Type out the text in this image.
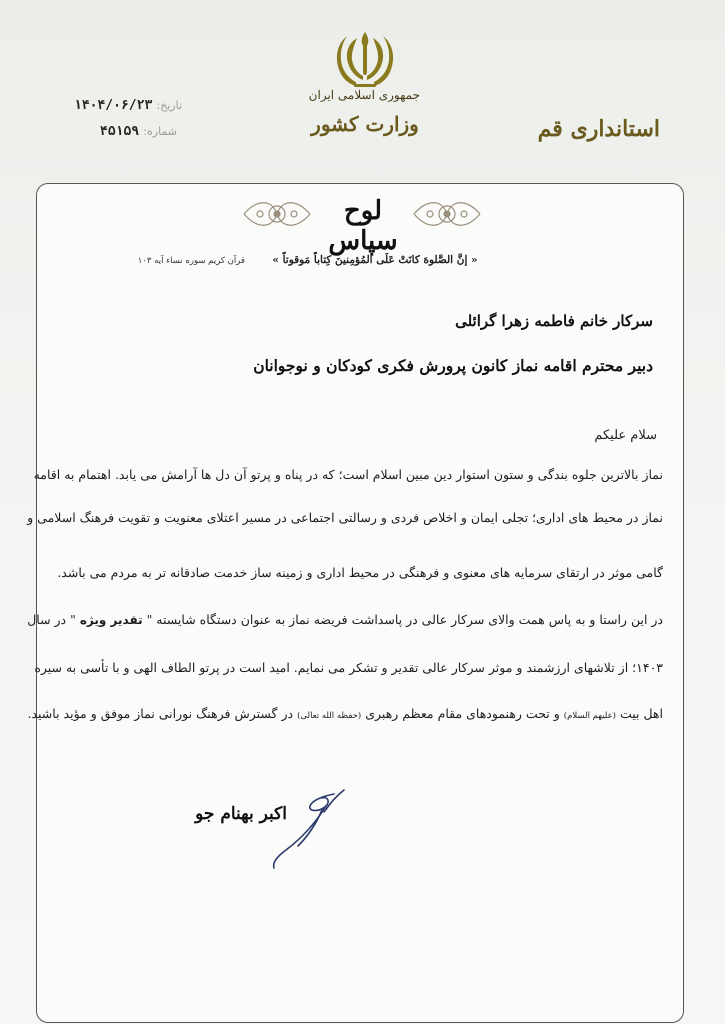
جمهوری اسلامی ایران
وزارت کشور	استانداری قم
تاریخ: ۱۴۰۴/۰۶/۲۳
شماره: ۴۵۱۵۹
لوح سپاس
« إنَّ الصَّلوهَ کانَتْ عَلَی المُؤمِنینَ کِتاباً مَوقوتاً »
قرآن کریم سوره نساء آیه ۱۰۳
سرکار خانم فاطمه زهرا گرائلی
دبیر محترم اقامه نماز کانون پرورش فکری کودکان و نوجوانان
سلام علیکم
نماز بالاترین جلوه بندگی و ستون استوار دین مبین اسلام است؛ که در پناه و پرتو آن دل ها آرامش می یابد. اهتمام به اقامه
نماز در محیط های اداری؛ تجلی ایمان و اخلاص فردی و رسالتی اجتماعی در مسیر اعتلای معنویت و تقویت فرهنگ اسلامی و
گامی موثر در ارتقای سرمایه های معنوی و فرهنگی در محیط اداری و زمینه ساز خدمت صادقانه تر به مردم می باشد.
در این راستا و به پاس همت والای سرکار عالی در پاسداشت فریضه نماز به عنوان دستگاه شایسته " تقدیر ویژه " در سال
۱۴۰۳؛ از تلاشهای ارزشمند و موثر سرکار عالی تقدیر و تشکر می نمایم. امید است در پرتو الطاف الهی و با تأسی به سیره
اهل بیت (علیهم السلام) و تحت رهنمودهای مقام معظم رهبری (حفظه الله تعالی) در گسترش فرهنگ نورانی نماز موفق و مؤید باشید.
اکبر بهنام جو
